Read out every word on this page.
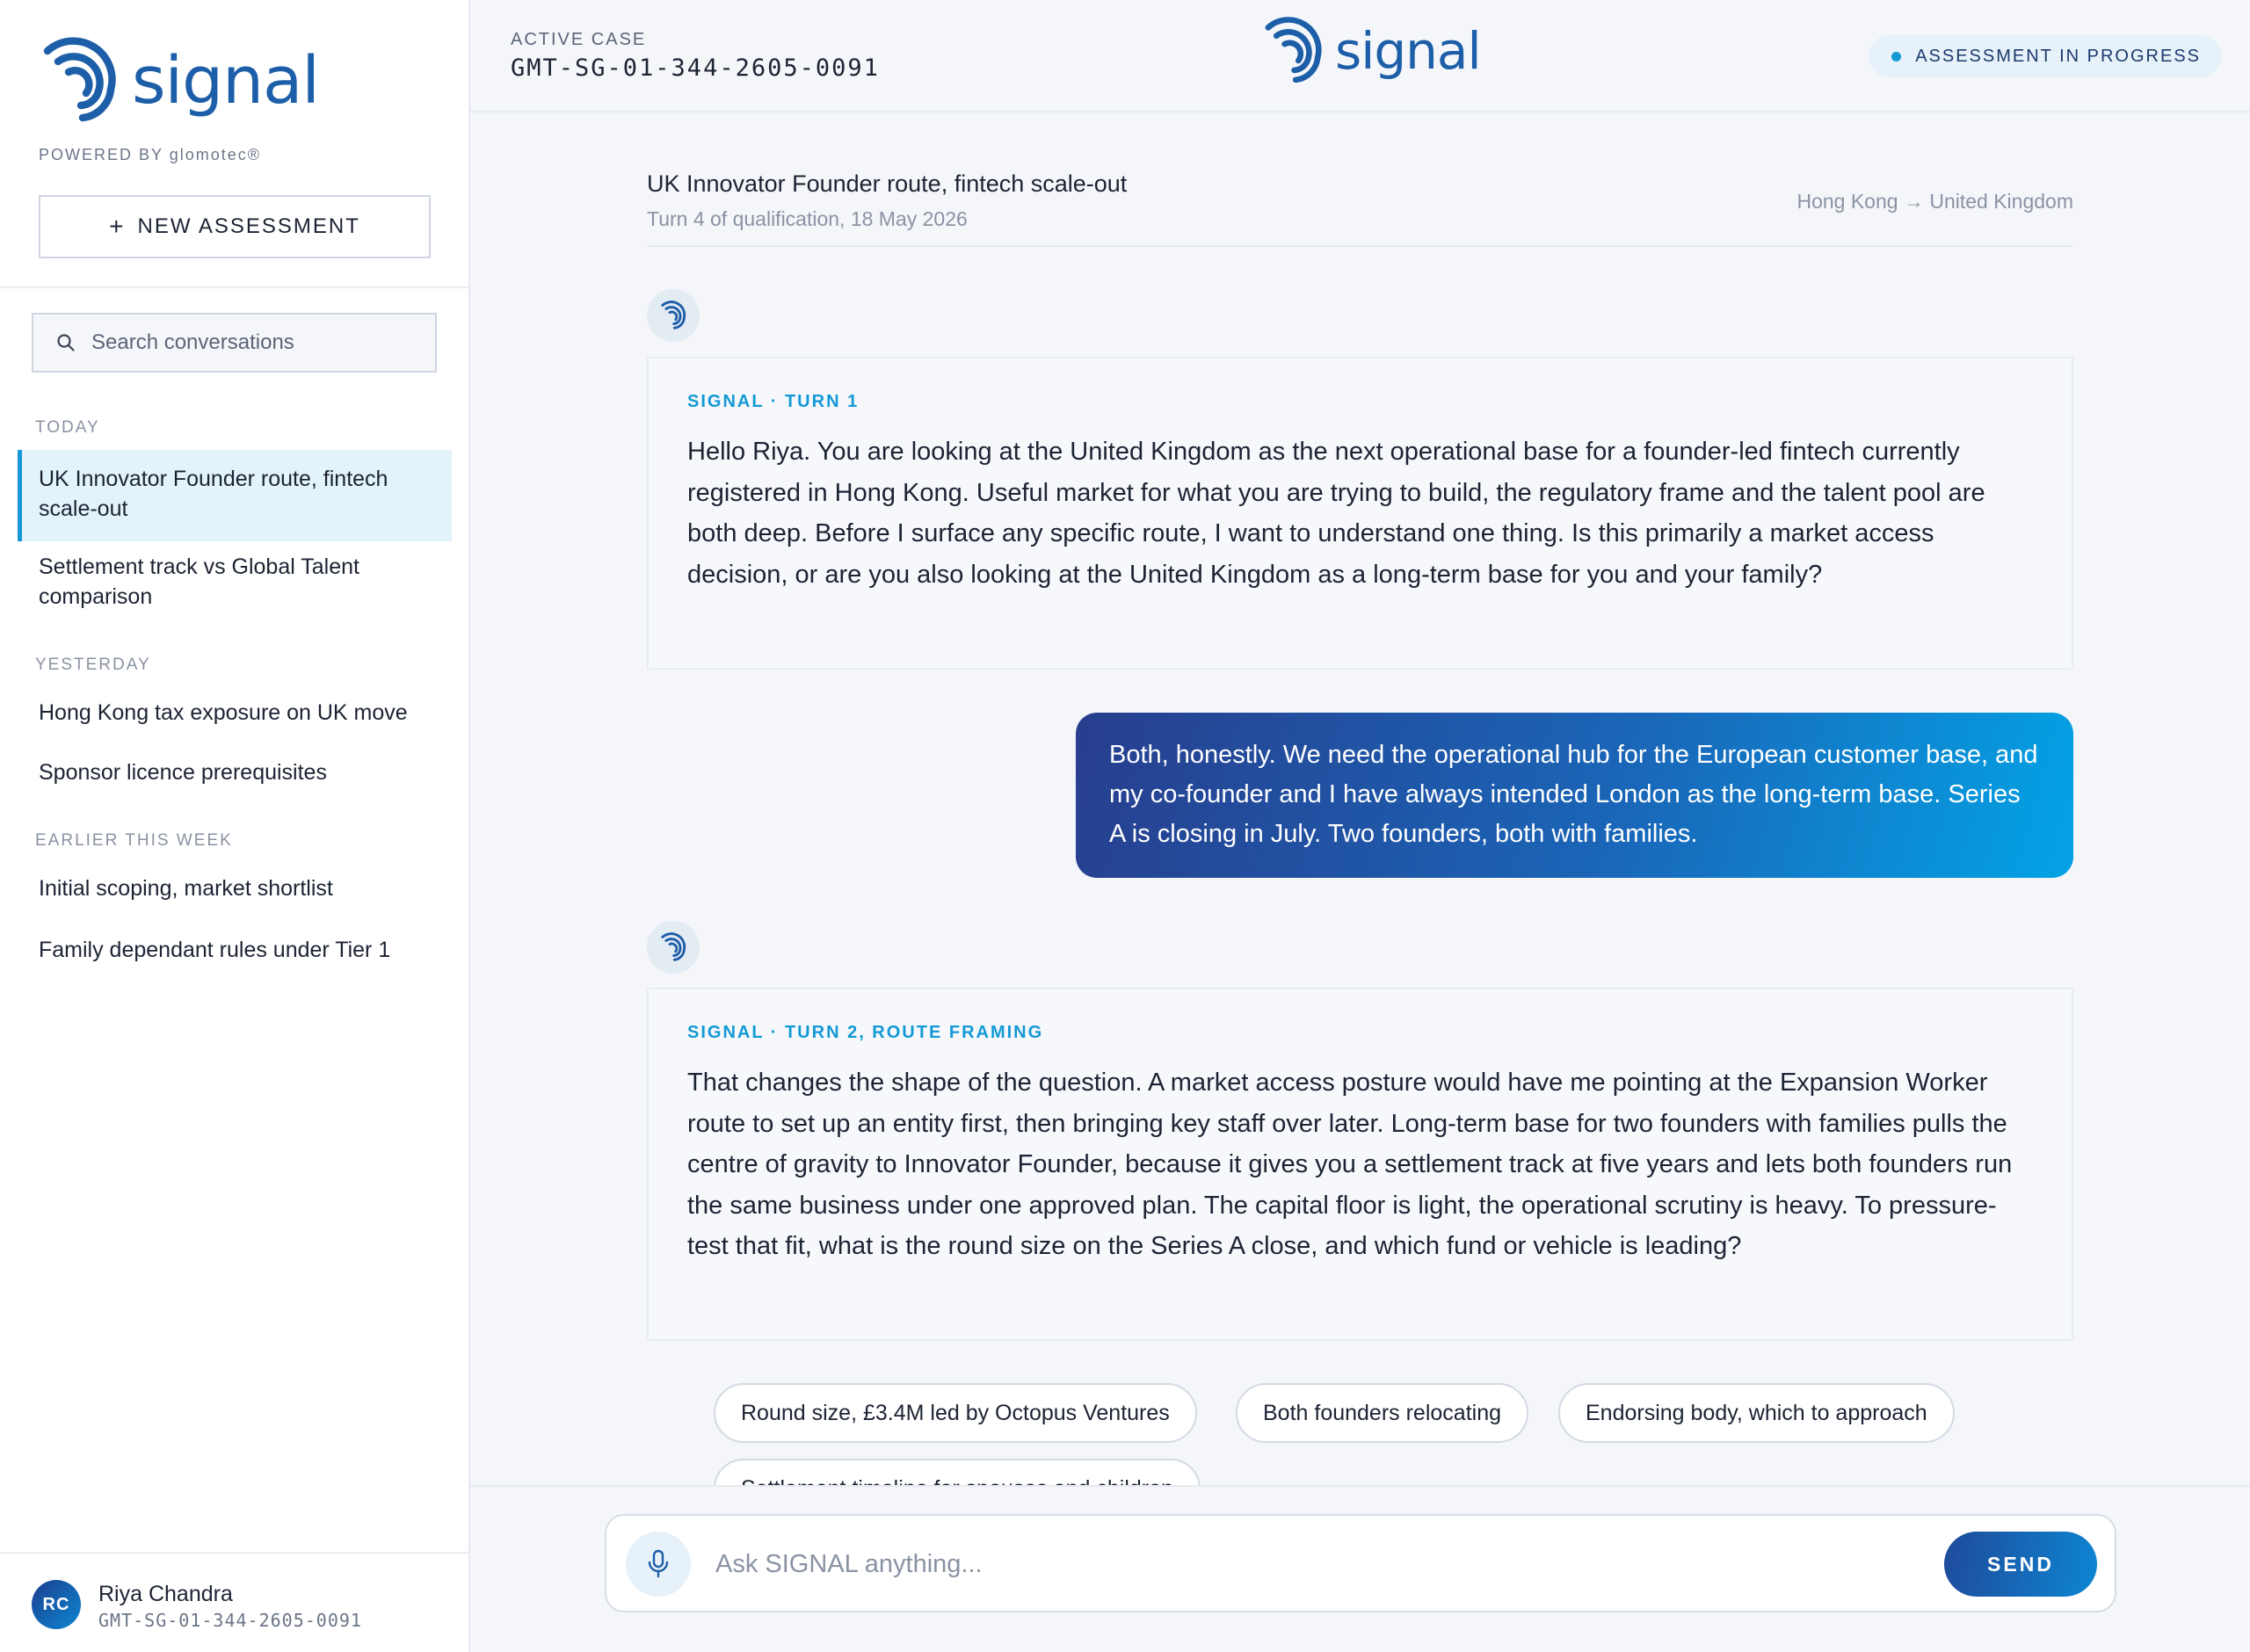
signal
POWERED BY glomotec®
+ NEW ASSESSMENT
Search conversations
TODAY
UK Innovator Founder route, fintech scale-out
Settlement track vs Global Talent comparison
YESTERDAY
Hong Kong tax exposure on UK move
Sponsor licence prerequisites
EARLIER THIS WEEK
Initial scoping, market shortlist
Family dependant rules under Tier 1
RC	Riya Chandra
GMT-SG-01-344-2605-0091
ACTIVE CASE
GMT-SG-01-344-2605-0091	signal	ASSESSMENT IN PROGRESS
UK Innovator Founder route, fintech scale-out
Turn 4 of qualification, 18 May 2026
Hong Kong → United Kingdom
SIGNAL · TURN 1
Hello Riya. You are looking at the United Kingdom as the next operational base for a founder-led fintech currently registered in Hong Kong. Useful market for what you are trying to build, the regulatory frame and the talent pool are both deep. Before I surface any specific route, I want to understand one thing. Is this primarily a market access decision, or are you also looking at the United Kingdom as a long-term base for you and your family?
Both, honestly. We need the operational hub for the European customer base, and my co-founder and I have always intended London as the long-term base. Series A is closing in July. Two founders, both with families.
SIGNAL · TURN 2, ROUTE FRAMING
That changes the shape of the question. A market access posture would have me pointing at the Expansion Worker route to set up an entity first, then bringing key staff over later. Long-term base for two founders with families pulls the centre of gravity to Innovator Founder, because it gives you a settlement track at five years and lets both founders run the same business under one approved plan. The capital floor is light, the operational scrutiny is heavy. To pressure-test that fit, what is the round size on the Series A close, and which fund or vehicle is leading?
Round size, £3.4M led by Octopus Ventures	Both founders relocating	Endorsing body, which to approach
Ask SIGNAL anything...
SEND
